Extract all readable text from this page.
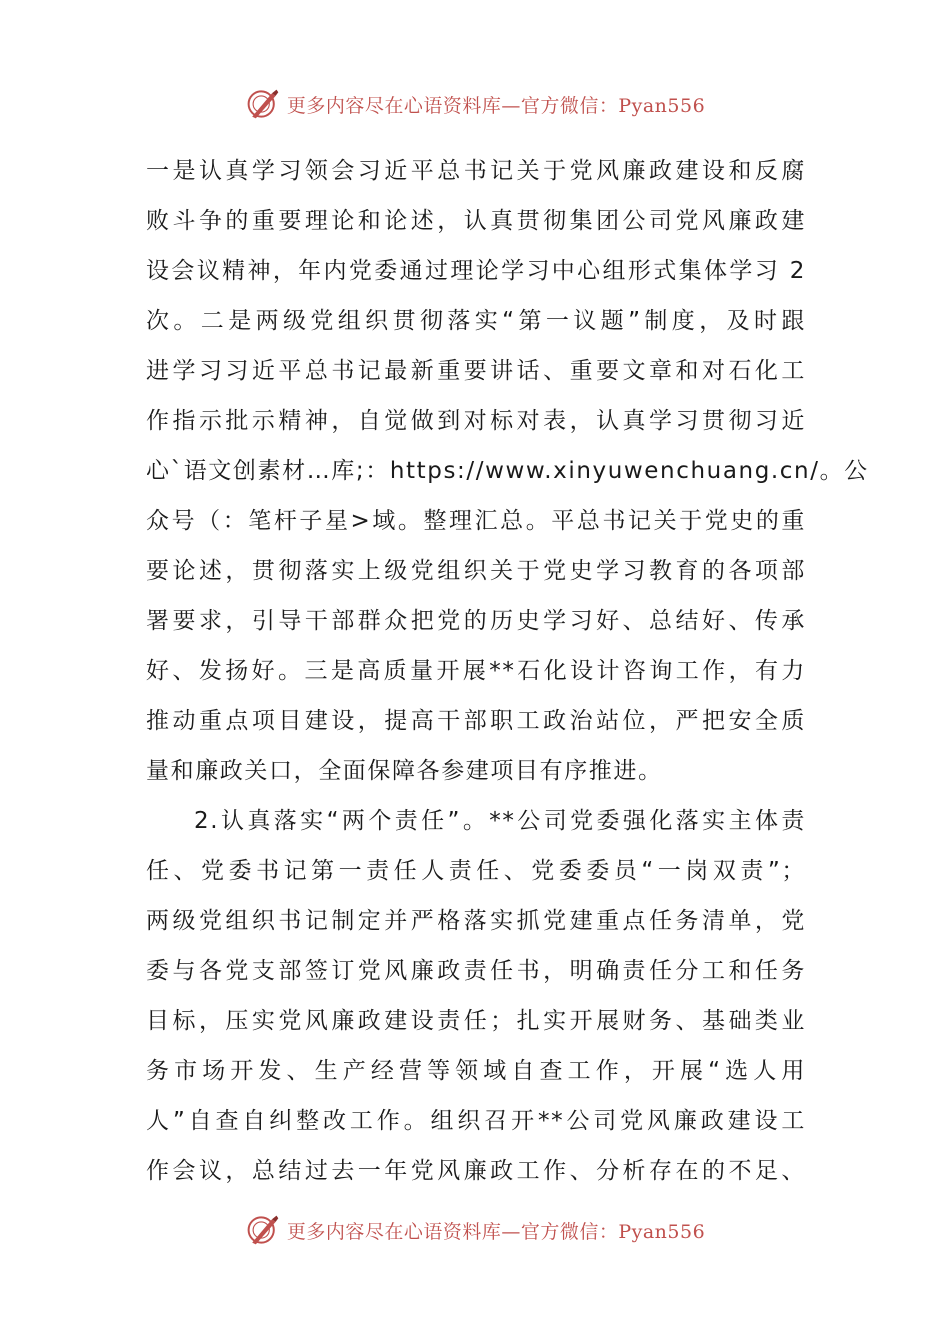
更多内容尽在心语资料库—官方微信：Pyan556

一是认真学习领会习近平总书记关于党风廉政建设和反腐
败斗争的重要理论和论述，认真贯彻集团公司党风廉政建
设会议精神，年内党委通过理论学习中心组形式集体学习 2
次。二是两级党组织贯彻落实“第一议题”制度，及时跟
进学习习近平总书记最新重要讲话、重要文章和对石化工
作指示批示精神，自觉做到对标对表，认真学习贯彻习近
心`语文创素材…库;：https://www.xinyuwenchuang.cn/。公
众号（：笔杆子星>域。整理汇总。平总书记关于党史的重
要论述，贯彻落实上级党组织关于党史学习教育的各项部
署要求，引导干部群众把党的历史学习好、总结好、传承
好、发扬好。三是高质量开展**石化设计咨询工作，有力
推动重点项目建设，提高干部职工政治站位，严把安全质
量和廉政关口，全面保障各参建项目有序推进。

2.认真落实“两个责任”。**公司党委强化落实主体责
任、党委书记第一责任人责任、党委委员“一岗双责”；
两级党组织书记制定并严格落实抓党建重点任务清单，党
委与各党支部签订党风廉政责任书，明确责任分工和任务
目标，压实党风廉政建设责任；扎实开展财务、基础类业
务市场开发、生产经营等领域自查工作，开展“选人用
人”自查自纠整改工作。组织召开**公司党风廉政建设工
作会议，总结过去一年党风廉政工作、分析存在的不足、

更多内容尽在心语资料库—官方微信：Pyan556
